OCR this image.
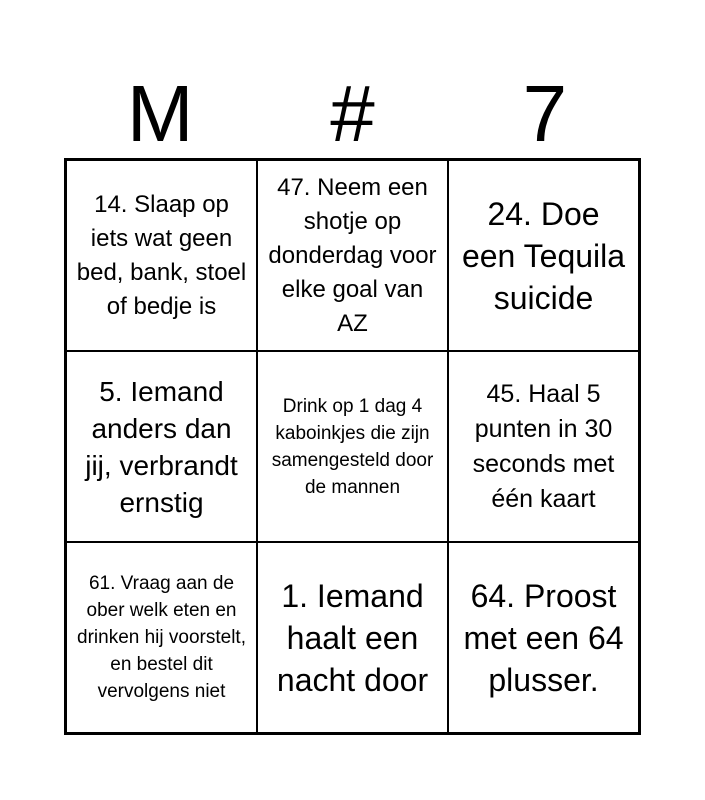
M	#	7
14. Slaap op iets wat geen bed, bank, stoel of bedje is
47. Neem een shotje op donderdag voor elke goal van AZ
24. Doe een Tequila suicide
5. Iemand anders dan jij, verbrandt ernstig
Drink op 1 dag 4 kaboinkjes die zijn samengesteld door de mannen
45. Haal 5 punten in 30 seconds met één kaart
61. Vraag aan de ober welk eten en drinken hij voorstelt, en bestel dit vervolgens niet
1. Iemand haalt een nacht door
64. Proost met een 64 plusser.
